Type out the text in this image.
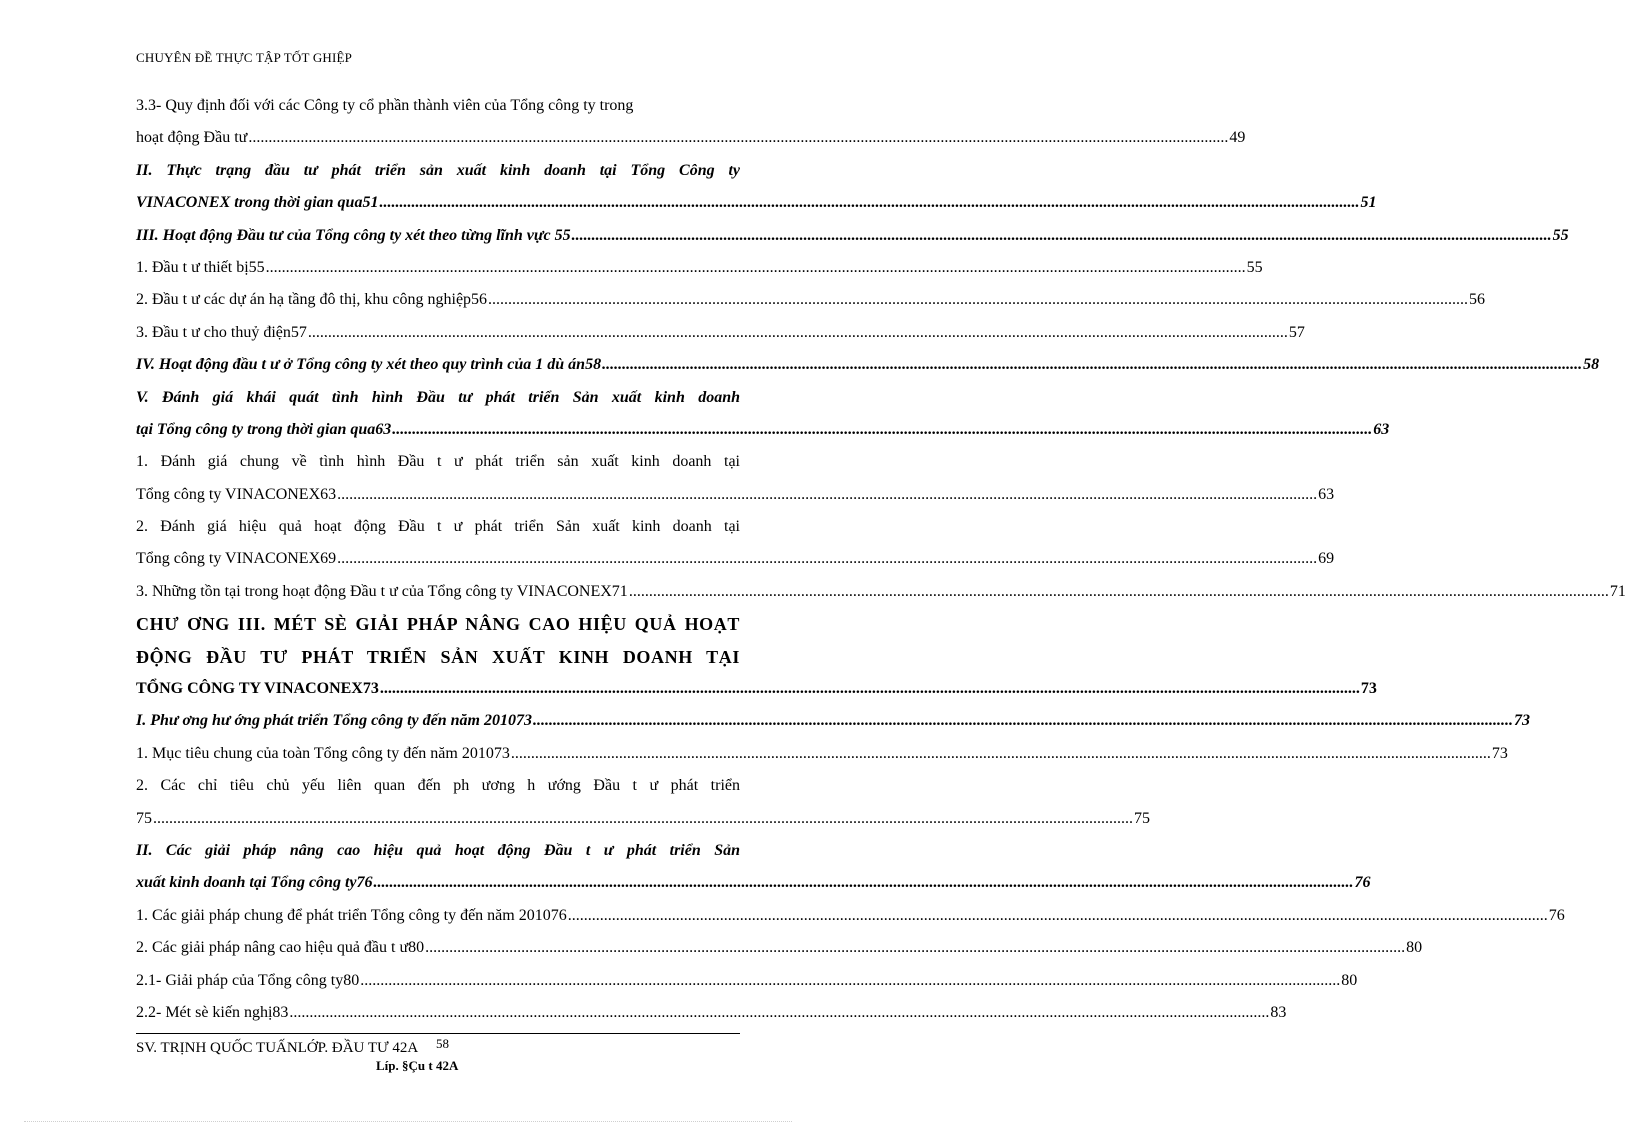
CHUYÊN ĐỀ THỰC TẬP TỐT GHIỆP
3.3- Quy định đối với các Công ty cổ phần thành viên của Tổng công ty trong
hoạt động Đầu tư .....	49
II. Thực trạng đầu tư phát triển sản xuất kinh doanh tại Tổng Công ty
VINACONEX trong thời gian qua51 .....	51
III. Hoạt động Đầu tư của Tổng công ty xét theo từng lĩnh vực 55 .....	55
1. Đầu t ư thiết bị55 .....	55
2. Đầu t ư các dự án hạ tầng đô thị, khu công nghiệp56 .....	56
3. Đầu t ư cho thuỷ điện57 .....	57
IV. Hoạt động đầu t ư ở Tổng công ty xét theo quy trình của 1 dù án58 .....	58
V. Đánh giá khái quát tình hình Đầu tư phát triển Sản xuất kinh doanh
tại Tổng công ty trong thời gian qua63 .....	63
1. Đánh giá chung về tình hình Đầu t ư phát triển sản xuất kinh doanh tại
Tổng công ty VINACONEX63 .....	63
2. Đánh giá hiệu quả hoạt động Đầu t ư phát triển Sản xuất kinh doanh tại
Tổng công ty VINACONEX69 .....	69
3. Những tồn tại trong hoạt động Đầu t ư của Tổng công ty VINACONEX71 .....	71
CHƯ ƠNG III. MÉT SÈ GIẢI PHÁP NÂNG CAO HIỆU QUẢ HOẠT
ĐỘNG ĐẦU TƯ PHÁT TRIỂN SẢN XUẤT KINH DOANH TẠI
TỔNG CÔNG TY VINACONEX73 .....	73
I. Phư ơng hư ớng phát triển Tổng công ty đến năm 201073 .....	73
1. Mục tiêu chung của toàn Tổng công ty đến năm 201073 .....	73
2. Các chỉ tiêu chủ yếu liên quan đến ph ương h ướng Đầu t ư phát triển
75 .....	75
II. Các giải pháp nâng cao hiệu quả hoạt động Đầu t ư phát triển Sản
xuất kinh doanh tại Tổng công ty76 .....	76
1. Các giải pháp chung để phát triển Tổng công ty đến năm 201076 .....	76
2. Các giải pháp nâng cao hiệu quả đầu t ư80 .....	80
2.1- Giải pháp của Tổng công ty80 .....	80
2.2- Mét sè kiến nghị83 .....	83
SV. TRỊNH QUỐC TUẤNLỚP. ĐẦU TƯ 42A 58
Líp. §Çu t 42A
